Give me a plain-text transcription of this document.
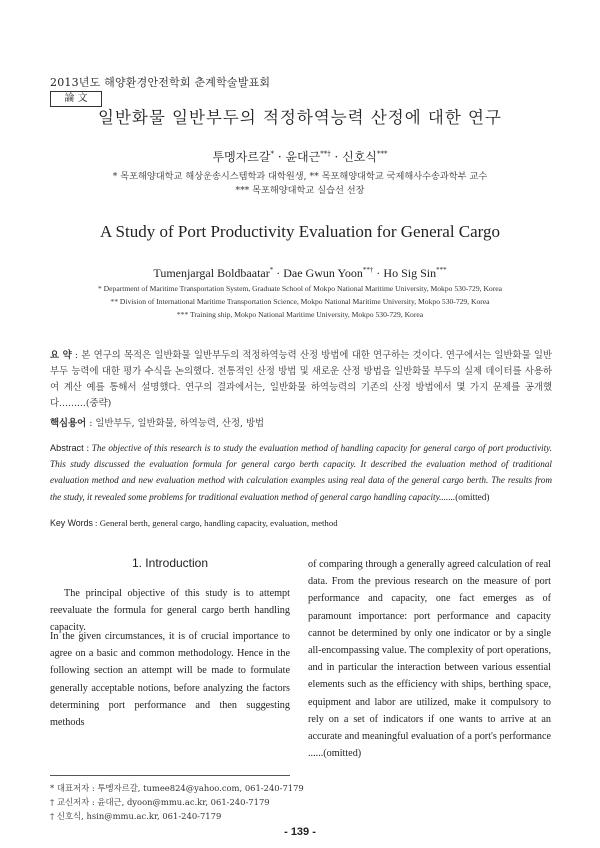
2013년도 해양환경안전학회 춘계학술발표회
論 文
일반화물 일반부두의 적정하역능력 산정에 대한 연구
투멩자르갈* · 윤대근**† · 신호식***
* 목포해양대학교 해상운송시스템학과 대학원생, ** 목포해양대학교 국제해사수송과학부 교수
*** 목포해양대학교 실습선 선장
A Study of Port Productivity Evaluation for General Cargo
Tumenjargal Boldbaatar* · Dae Gwun Yoon**† · Ho Sig Sin***
* Department of Maritime Transportation System, Graduate School of Mokpo National Maritime University, Mokpo 530-729, Korea
** Division of International Maritime Transportation Science, Mokpo National Maritime University, Mokpo 530-729, Korea
*** Training ship, Mokpo National Maritime University, Mokpo 530-729, Korea
요 약 : 본 연구의 목적은 일반화물 일반부두의 적정하역능력 산정 방법에 대한 연구하는 것이다. 연구에서는 일반화물 일반부두 능력에 대한 평가 수식을 논의했다. 전통적인 산정 방법 및 새로운 산정 방법을 일반화물 부두의 실제 데이터를 사용하여 계산 예를 통해서 설명했다. 연구의 결과에서는, 일반화물 하역능력의 기존의 산정 방법에서 몇 가지 문제를 공개했다.........(중략)
핵심용어 : 일반부두, 일반화물, 하역능력, 산정, 방법
Abstract : The objective of this research is to study the evaluation method of handling capacity for general cargo of port productivity. This study discussed the evaluation formula for general cargo berth capacity. It described the evaluation method of traditional evaluation method and new evaluation method with calculation examples using real data of the general cargo berth. The results from the study, it revealed some problems for traditional evaluation method of general cargo handling capacity.......(omitted)
Key Words : General berth, general cargo, handling capacity, evaluation, method
1. Introduction

The principal objective of this study is to attempt reevaluate the formula for general cargo berth handling capacity.

In the given circumstances, it is of crucial importance to agree on a basic and common methodology. Hence in the following section an attempt will be made to formulate generally acceptable notions, before analyzing the factors determining port performance and then suggesting methods

of comparing through a generally agreed calculation of real data. From the previous research on the measure of port performance and capacity, one fact emerges as of paramount importance: port performance and capacity cannot be determined by only one indicator or by a single all-encompassing value. The complexity of port operations, and in particular the interaction between various essential elements such as the efficiency with ships, berthing space, equipment and labor are utilized, make it compulsory to rely on a set of indicators if one wants to arrive at an accurate and meaningful evaluation of a port's performance ......(omitted)

* 대표저자 : 투멩자르갈, tumee824@yahoo.com, 061-240-7179
† 교신저자 : 윤대근, dyoon@mmu.ac.kr, 061-240-7179
† 신호식, hsin@mmu.ac.kr, 061-240-7179
- 139 -
